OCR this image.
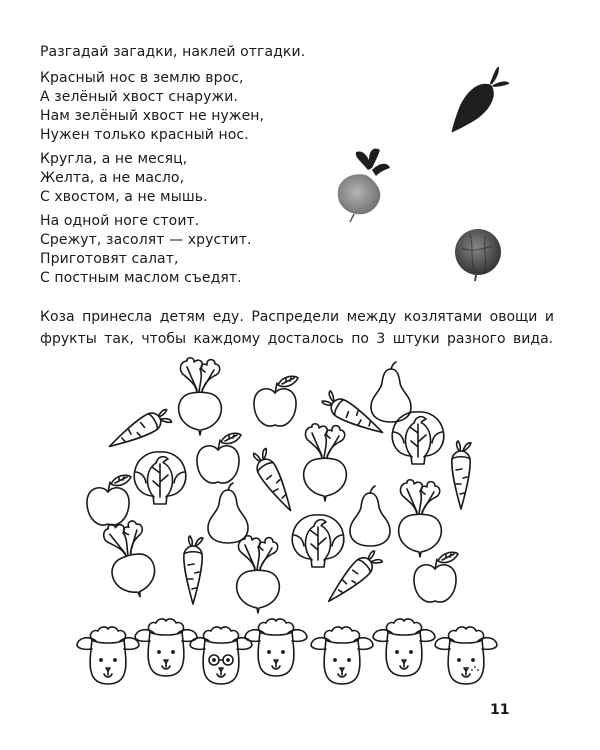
Разгадай загадки, наклей отгадки.
Красный нос в землю врос,
А зелёный хвост снаружи.
Нам зелёный хвост не нужен,
Нужен только красный нос.
Кругла, а не месяц,
Желта, а не масло,
С хвостом, а не мышь.
На одной ноге стоит.
Срежут, засолят — хрустит.
Приготовят салат,
С постным маслом съедят.
Коза принесла детям еду. Распредели между козлятами овощи и
фрукты так, чтобы каждому досталось по 3 штуки разного вида.
11
